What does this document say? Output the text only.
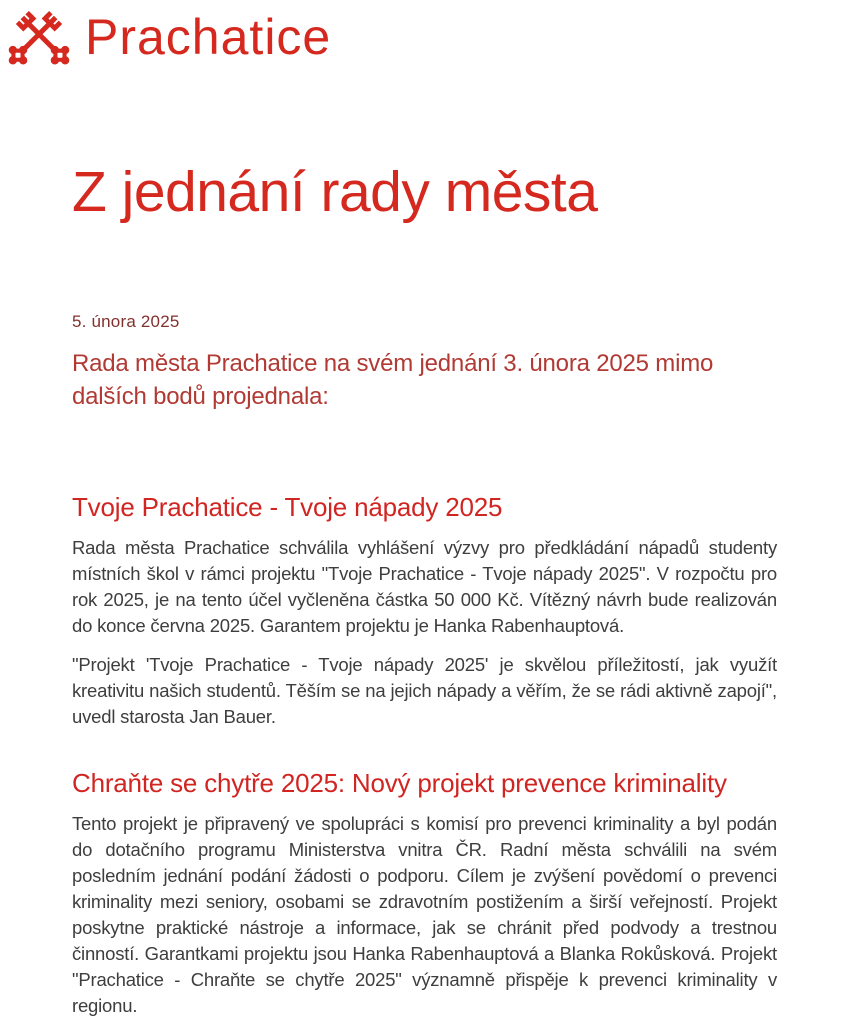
Prachatice
Z jednání rady města
5. února 2025

Rada města Prachatice na svém jednání 3. února 2025 mimo dalších bodů projednala:

Tvoje Prachatice - Tvoje nápady 2025

Rada města Prachatice schválila vyhlášení výzvy pro předkládání nápadů studenty místních škol v rámci projektu "Tvoje Prachatice - Tvoje nápady 2025". V rozpočtu pro rok 2025, je na tento účel vyčleněna částka 50 000 Kč. Vítězný návrh bude realizován do konce června 2025. Garantem projektu je Hanka Rabenhauptová.

"Projekt 'Tvoje Prachatice - Tvoje nápady 2025' je skvělou příležitostí, jak využít kreativitu našich studentů. Těším se na jejich nápady a věřím, že se rádi aktivně zapojí", uvedl starosta Jan Bauer.

Chraňte se chytře 2025: Nový projekt prevence kriminality

Tento projekt je připravený ve spolupráci s komisí pro prevenci kriminality a byl podán do dotačního programu Ministerstva vnitra ČR. Radní města schválili na svém posledním jednání podání žádosti o podporu. Cílem je zvýšení povědomí o prevenci kriminality mezi seniory, osobami se zdravotním postižením a širší veřejností. Projekt poskytne praktické nástroje a informace, jak se chránit před podvody a trestnou činností. Garantkami projektu jsou Hanka Rabenhauptová a Blanka Rokůsková. Projekt "Prachatice - Chraňte se chytře 2025" významně přispěje k prevenci kriminality v regionu.
